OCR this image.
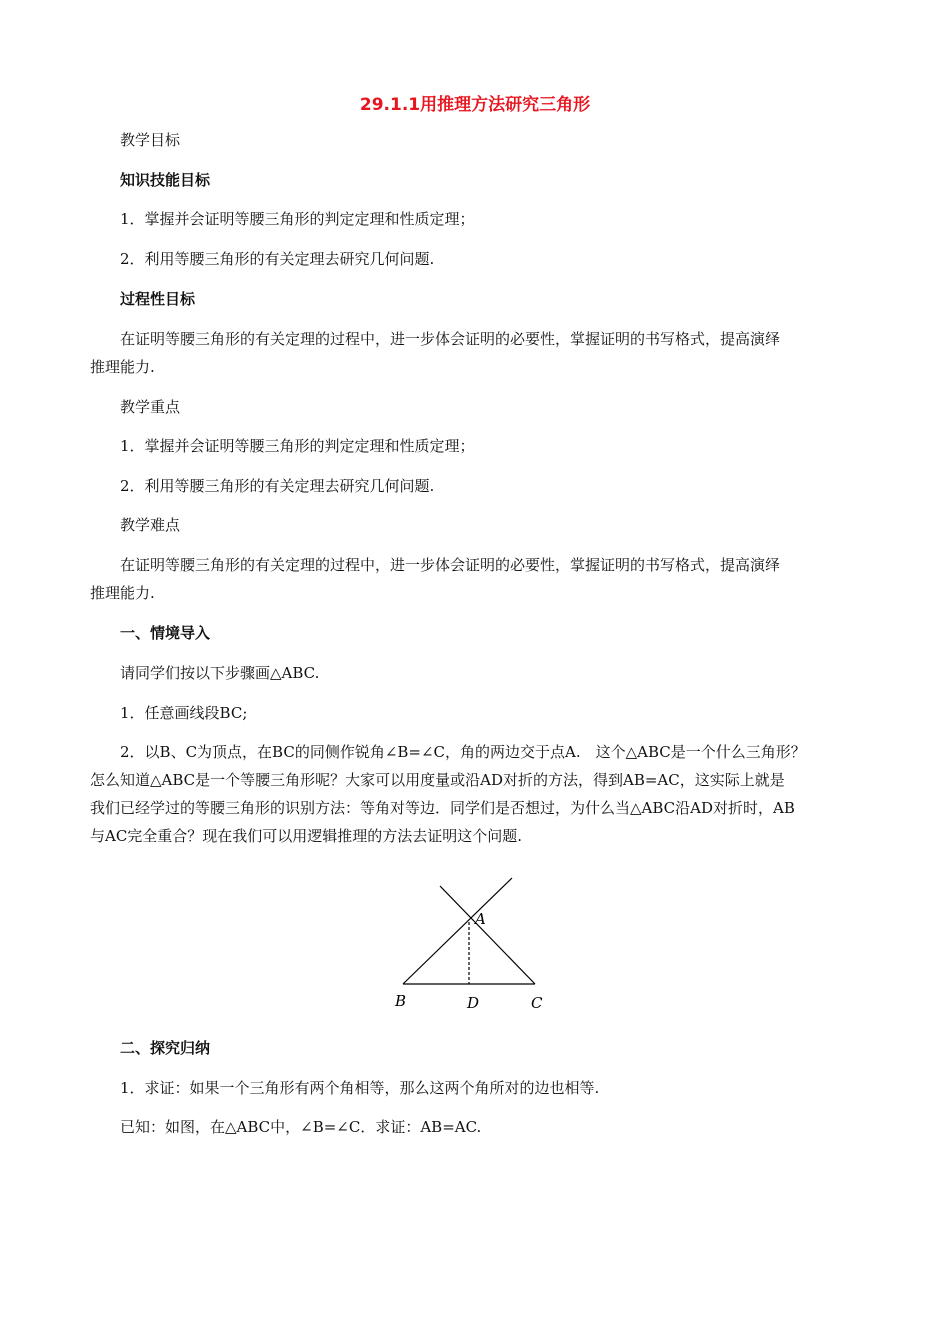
29.1.1用推理方法研究三角形
教学目标
知识技能目标
1．掌握并会证明等腰三角形的判定定理和性质定理；
2．利用等腰三角形的有关定理去研究几何问题.
过程性目标
在证明等腰三角形的有关定理的过程中，进一步体会证明的必要性，掌握证明的书写格式，提高演绎
推理能力.
教学重点
1．掌握并会证明等腰三角形的判定定理和性质定理；
2．利用等腰三角形的有关定理去研究几何问题.
教学难点
在证明等腰三角形的有关定理的过程中，进一步体会证明的必要性，掌握证明的书写格式，提高演绎
推理能力.
一、情境导入
请同学们按以下步骤画△ABC.
1．任意画线段BC;
2．以B、C为顶点，在BC的同侧作锐角∠B=∠C，角的两边交于点A.　这个△ABC是一个什么三角形？
怎么知道△ABC是一个等腰三角形呢？大家可以用度量或沿AD对折的方法，得到AB=AC，这实际上就是
我们已经学过的等腰三角形的识别方法：等角对等边．同学们是否想过，为什么当△ABC沿AD对折时，AB
与AC完全重合？现在我们可以用逻辑推理的方法去证明这个问题.
A
B	D	C
二、探究归纳
1．求证：如果一个三角形有两个角相等，那么这两个角所对的边也相等.
已知：如图，在△ABC中，∠B=∠C．求证：AB=AC.
